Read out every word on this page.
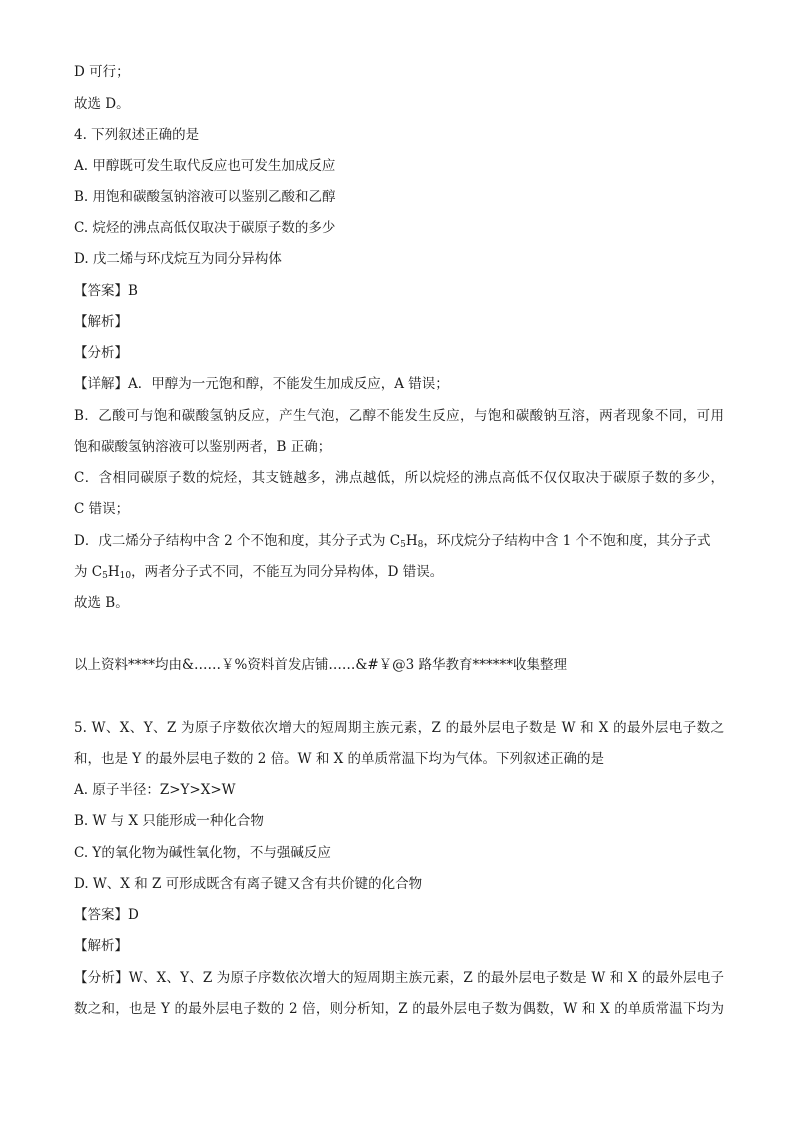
D 可行；
故选 D。
4. 下列叙述正确的是
A. 甲醇既可发生取代反应也可发生加成反应
B. 用饱和碳酸氢钠溶液可以鉴别乙酸和乙醇
C. 烷烃的沸点高低仅取决于碳原子数的多少
D. 戊二烯与环戊烷互为同分异构体
【答案】B
【解析】
【分析】
【详解】A．甲醇为一元饱和醇，不能发生加成反应，A 错误；
B．乙酸可与饱和碳酸氢钠反应，产生气泡，乙醇不能发生反应，与饱和碳酸钠互溶，两者现象不同，可用
饱和碳酸氢钠溶液可以鉴别两者，B 正确；
C．含相同碳原子数的烷烃，其支链越多，沸点越低，所以烷烃的沸点高低不仅仅取决于碳原子数的多少，
C 错误；
D．戊二烯分子结构中含 2 个不饱和度，其分子式为 $C_5H_8$，环戊烷分子结构中含 1 个不饱和度，其分子式
为 $C_5H_{10}$，两者分子式不同，不能互为同分异构体，D 错误。
故选 B。
以上资料****均由&……￥%资料首发店铺……&#￥@3 路华教育******收集整理
5. W、X、Y、Z 为原子序数依次增大的短周期主族元素，Z 的最外层电子数是 W 和 X 的最外层电子数之
和，也是 Y 的最外层电子数的 2 倍。W 和 X 的单质常温下均为气体。下列叙述正确的是
A. 原子半径：Z>Y>X>W
B. W 与 X 只能形成一种化合物
C. Y的氧化物为碱性氧化物，不与强碱反应
D. W、X 和 Z 可形成既含有离子键又含有共价键的化合物
【答案】D
【解析】
【分析】W、X、Y、Z 为原子序数依次增大的短周期主族元素，Z 的最外层电子数是 W 和 X 的最外层电子
数之和，也是 Y 的最外层电子数的 2 倍，则分析知，Z 的最外层电子数为偶数，W 和 X 的单质常温下均为
